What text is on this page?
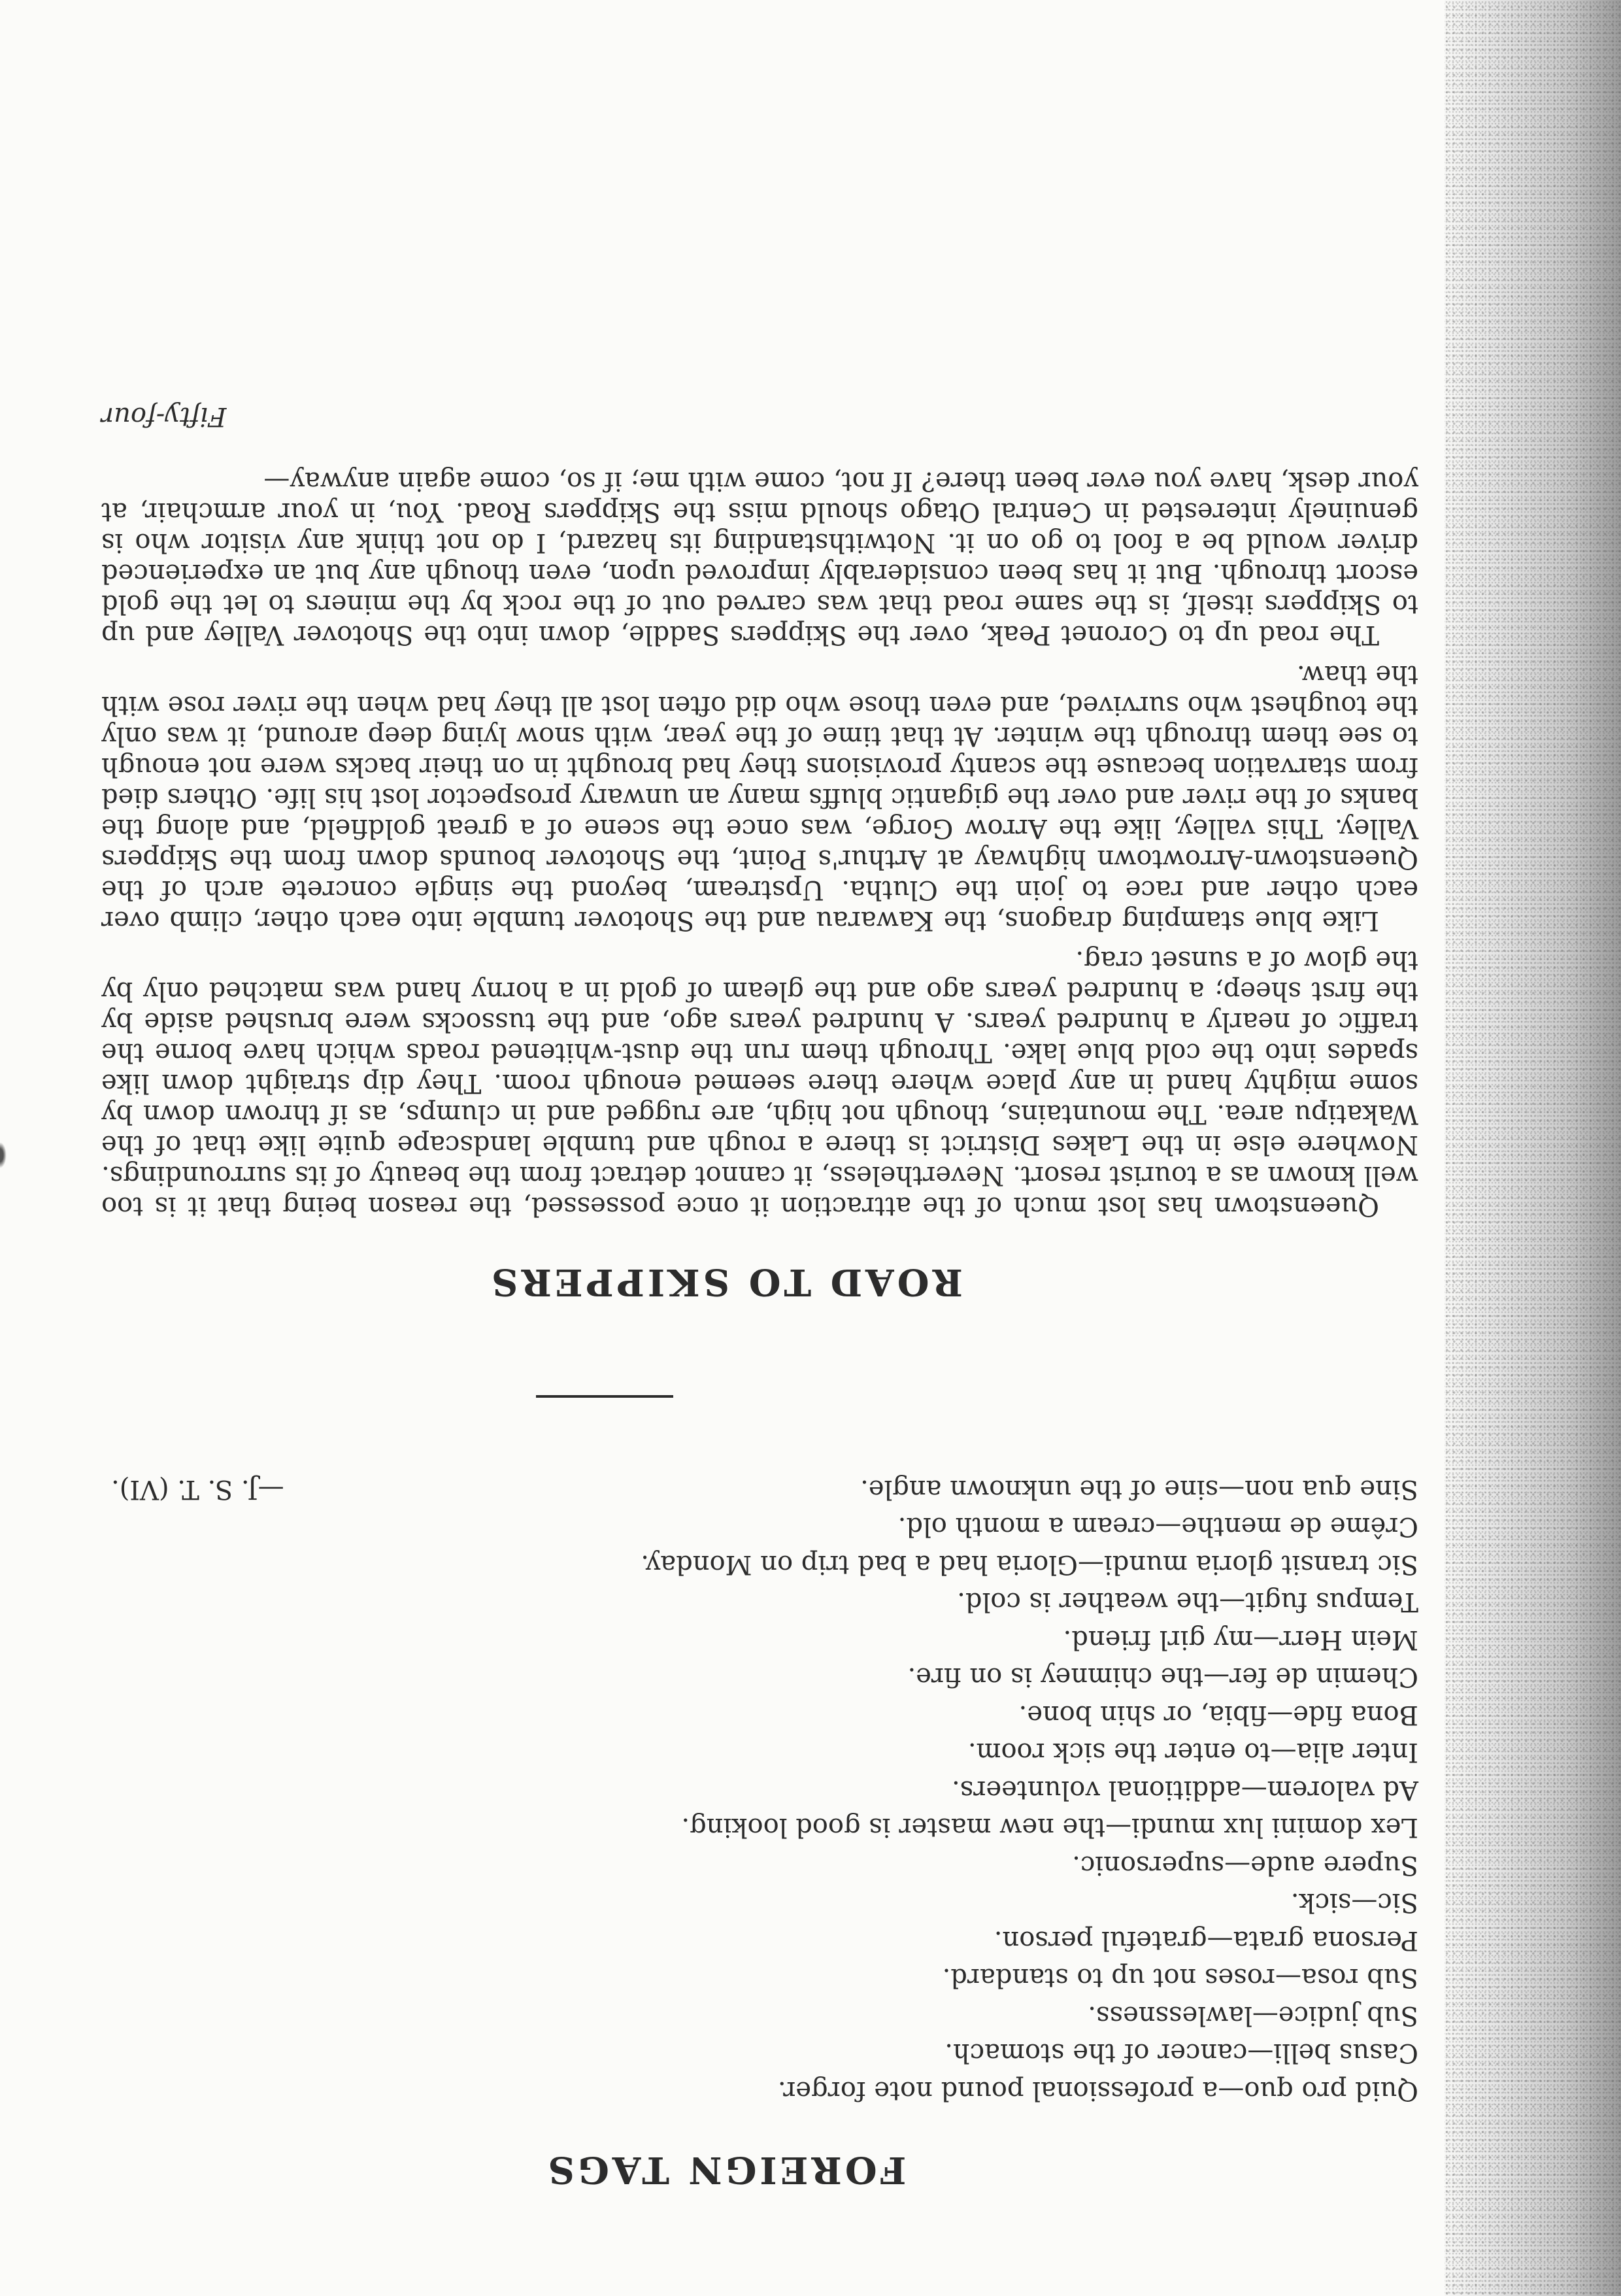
FOREIGN TAGS

Quid pro quo—a professional pound note forger.

Casus belli—cancer of the stomach.

Sub judice—lawlessness.

Sub rosa—roses not up to standard.

Persona grata—grateful person.

Sic—sick.

Supere aude—supersonic.

Lex domini lux mundi—the new master is good looking.

Ad valorem—additional volunteers.

Inter alia—to enter the sick room.

Bona fide—fibia, or shin bone.

Chemin de fer—the chimney is on fire.

Mein Herr—my girl friend.

Tempus fugit—the weather is cold.

Sic transit gloria mundi—Gloria had a bad trip on Monday.

Crême de menthe—cream a month old.

Sine qua non—sine of the unknown angle.

—J. S. T. (VI).

ROAD TO SKIPPERS

Queenstown has lost much of the attraction it once possessed, the reason being that it is too well known as a tourist resort. Nevertheless, it cannot detract from the beauty of its surroundings. Nowhere else in the Lakes District is there a rough and tumble landscape quite like that of the Wakatipu area. The mountains, though not high, are rugged and in clumps, as if thrown down by some mighty hand in any place where there seemed enough room. They dip straight down like spades into the cold blue lake. Through them run the dust-whitened roads which have borne the traffic of nearly a hundred years. A hundred years ago, and the tussocks were brushed aside by the first sheep; a hundred years ago and the gleam of gold in a horny hand was matched only by the glow of a sunset crag.

Like blue stamping dragons, the Kawarau and the Shotover tumble into each other, climb over each other and race to join the Clutha. Upstream, beyond the single concrete arch of the Queenstown-Arrowtown highway at Arthur's Point, the Shotover bounds down from the Skippers Valley. This valley, like the Arrow Gorge, was once the scene of a great goldfield, and along the banks of the river and over the gigantic bluffs many an unwary prospector lost his life. Others died from starvation because the scanty provisions they had brought in on their backs were not enough to see them through the winter. At that time of the year, with snow lying deep around, it was only the toughest who survived, and even those who did often lost all they had when the river rose with the thaw.

The road up to Coronet Peak, over the Skippers Saddle, down into the Shotover Valley and up to Skippers itself, is the same road that was carved out of the rock by the miners to let the gold escort through. But it has been considerably improved upon, even though any but an experienced driver would be a fool to go on it. Notwithstanding its hazard, I do not think any visitor who is genuinely interested in Central Otago should miss the Skippers Road. You, in your armchair, at your desk, have you ever been there? If not, come with me; if so, come again anyway—

Fifty-four
